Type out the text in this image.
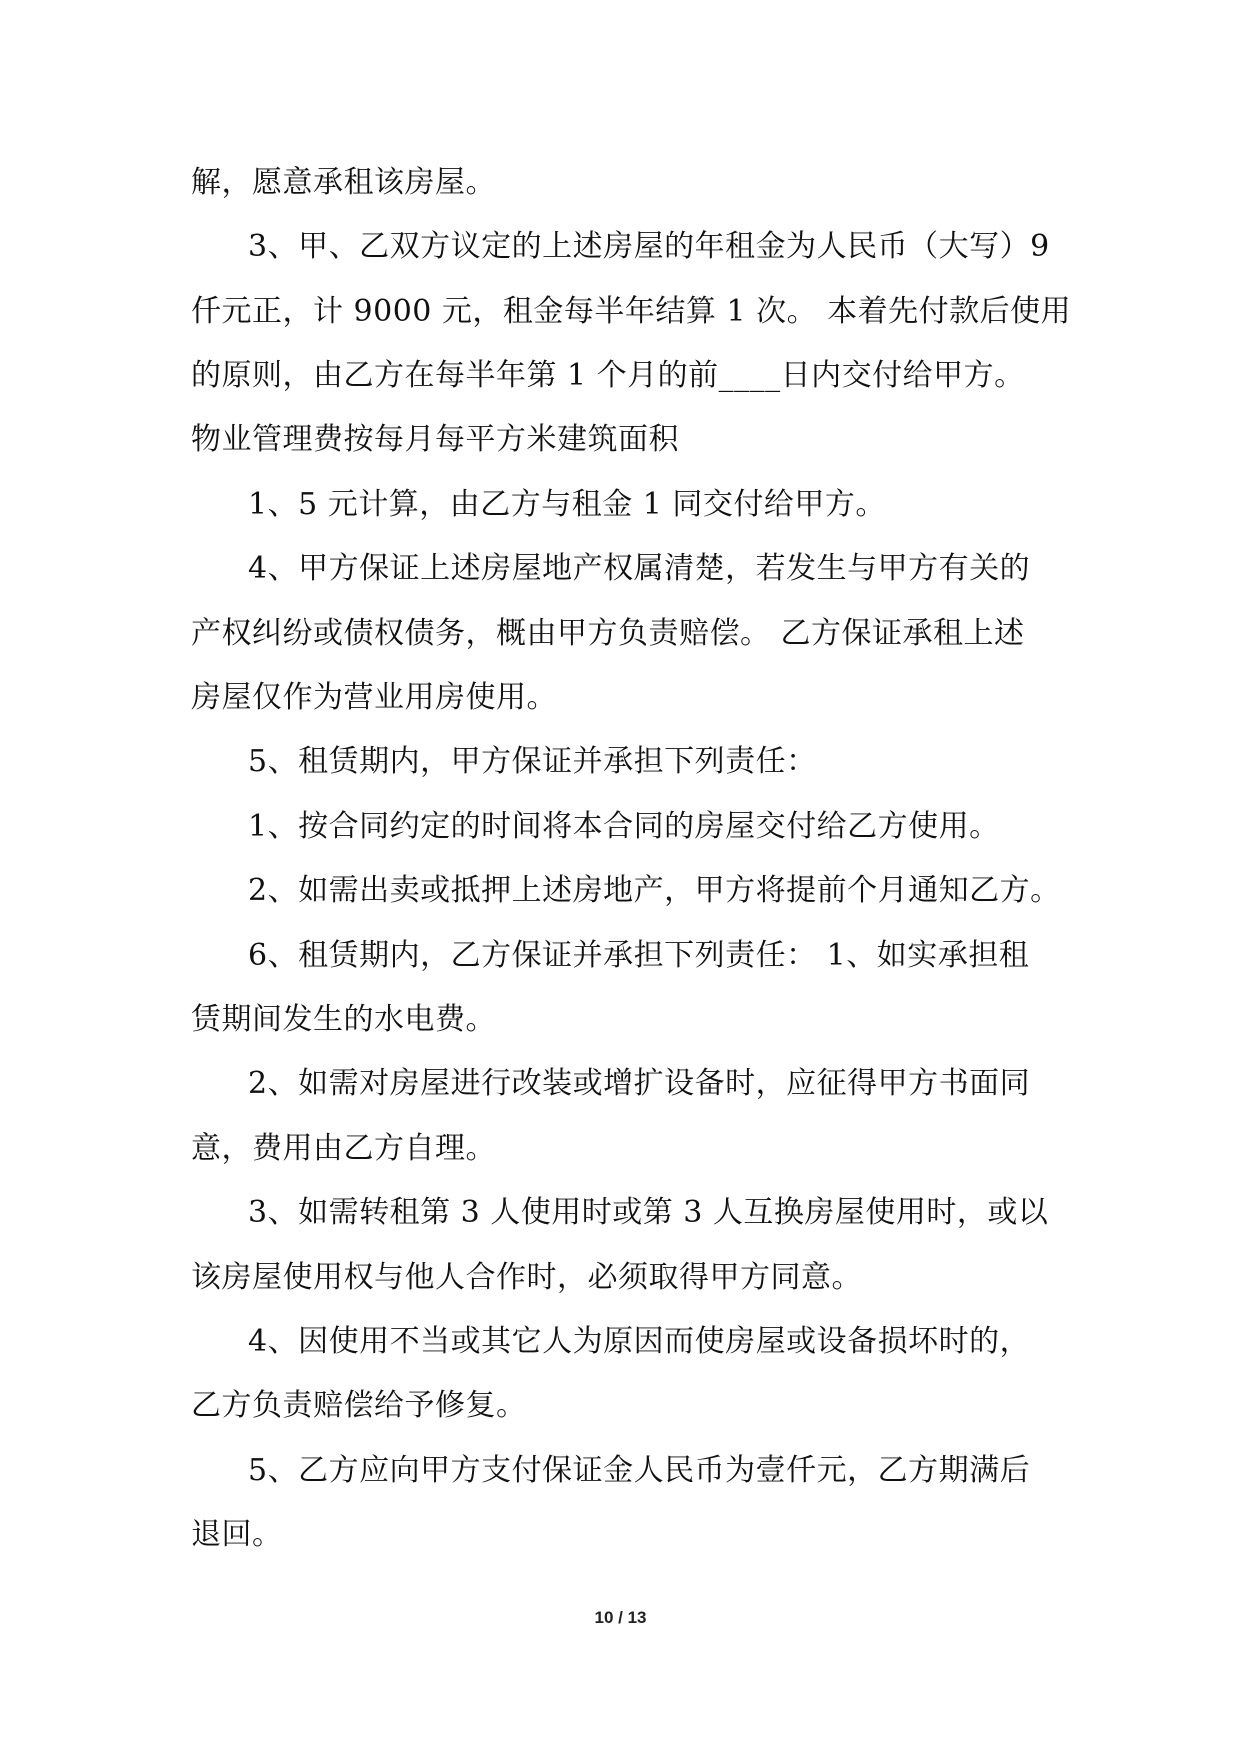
解，愿意承租该房屋。
3、甲、乙双方议定的上述房屋的年租金为人民币（大写）9
仟元正，计 9000 元，租金每半年结算 1 次。 本着先付款后使用
的原则，由乙方在每半年第 1 个月的前____日内交付给甲方。
物业管理费按每月每平方米建筑面积
1、5 元计算，由乙方与租金 1 同交付给甲方。
4、甲方保证上述房屋地产权属清楚，若发生与甲方有关的
产权纠纷或债权债务，概由甲方负责赔偿。 乙方保证承租上述
房屋仅作为营业用房使用。
5、租赁期内，甲方保证并承担下列责任：
1、按合同约定的时间将本合同的房屋交付给乙方使用。
2、如需出卖或抵押上述房地产，甲方将提前个月通知乙方。
6、租赁期内，乙方保证并承担下列责任： 1、如实承担租
赁期间发生的水电费。
2、如需对房屋进行改装或增扩设备时，应征得甲方书面同
意，费用由乙方自理。
3、如需转租第 3 人使用时或第 3 人互换房屋使用时，或以
该房屋使用权与他人合作时，必须取得甲方同意。
4、因使用不当或其它人为原因而使房屋或设备损坏时的，
乙方负责赔偿给予修复。
5、乙方应向甲方支付保证金人民币为壹仟元，乙方期满后
退回。
10 / 13
